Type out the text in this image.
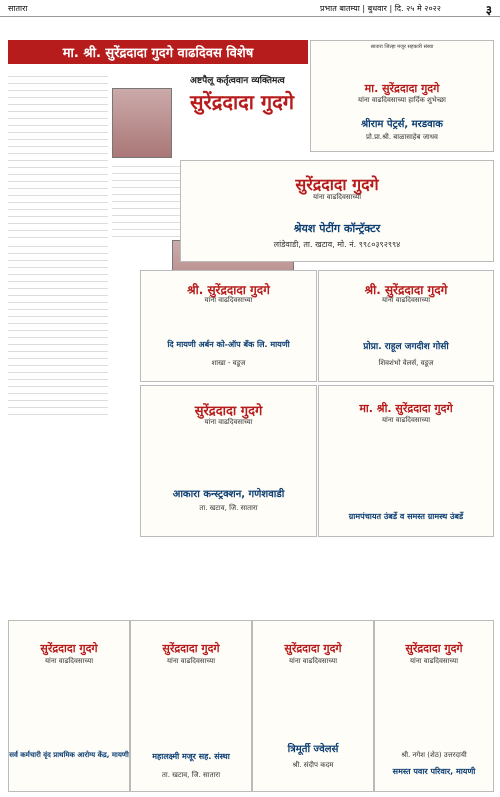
सातारा	प्रभात बातम्या | बुधवार | दि. २५ मे २०२२	३
मा. श्री. सुरेंद्रदादा गुदगे वाढदिवस विशेष
अष्टपैलू कर्तृत्ववान व्यक्तिमत्व
सुरेंद्रदादा गुदगे
सातारा जिल्हा मजूर सहकारी संस्था
मा. सुरेंद्रदादा गुदगे
यांना वाढदिवसाच्या हार्दिक शुभेच्छा
श्रीराम पेट्रर्स, मरडवाक
प्रो.प्रा.श्री. बाळासाहेब जाधव
सुरेंद्रदादा गुदगे
यांना वाढदिवसाच्या
श्रेयश पेटींग कॉन्ट्रॅक्टर
लांडेवाडी, ता. खटाव, मो. नं. ९९८०३९२९९४
श्री. सुरेंद्रदादा गुदगे
यांना वाढदिवसाच्या
दि मायणी अर्बन को-ऑप बँक लि. मायणी
शाखा - वडूज
श्री. सुरेंद्रदादा गुदगे
यांना वाढदिवसाच्या
प्रोप्रा. राहूल जगदीश गोसी
शिवशंभो वेलर्स, वडूज
सुरेंद्रदादा गुदगे
यांना वाढदिवसाच्या
आकारा कन्स्ट्रक्शन, गणेशवाडी
ता. खटाव, जि. सातारा
मा. श्री. सुरेंद्रदादा गुदगे
यांना वाढदिवसाच्या
ग्रामपंचायत उंबर्डे व समस्त ग्रामस्थ उंबर्डे
सुरेंद्रदादा गुदगे
यांना वाढदिवसाच्या
सर्व कर्मचारी वृंद प्राथमिक आरोग्य केंद्र, मायणी
सुरेंद्रदादा गुदगे
यांना वाढदिवसाच्या
महालक्ष्मी मजूर सह. संस्था
ता. खटाव, जि. सातारा
सुरेंद्रदादा गुदगे
यांना वाढदिवसाच्या
त्रिमूर्ती ज्वेलर्स
श्री. संदीप कदम
सुरेंद्रदादा गुदगे
यांना वाढदिवसाच्या
श्री. नगेश (शेठ) उत्तरदायी
समस्त पवार परिवार, मायणी
